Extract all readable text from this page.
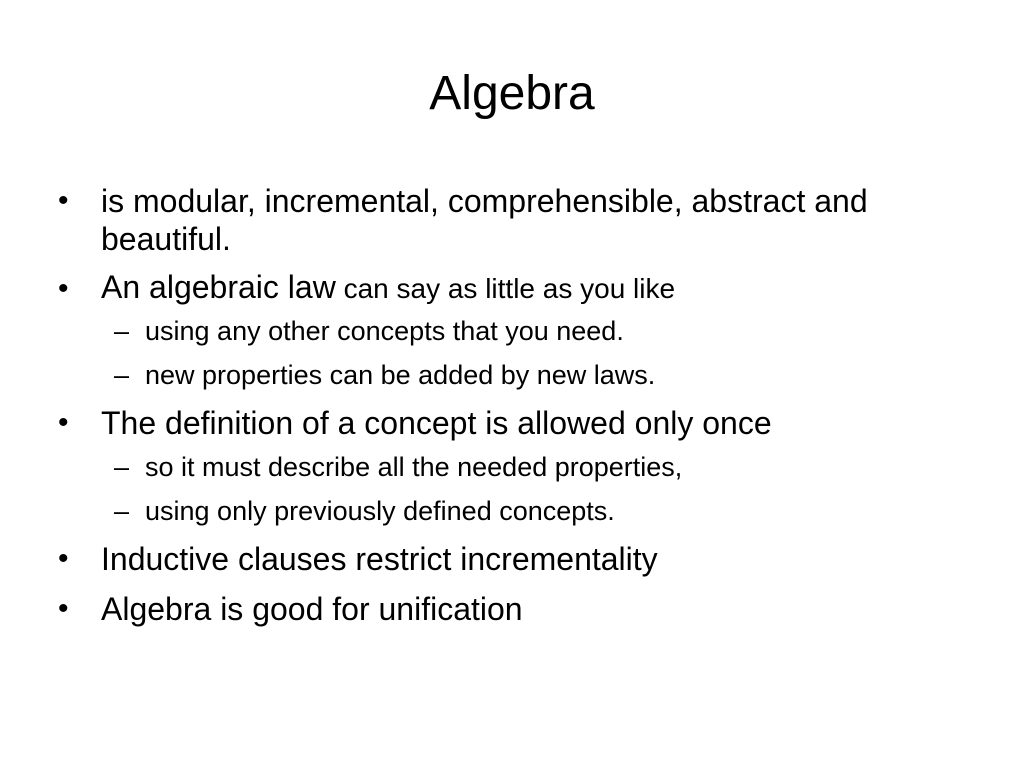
Algebra
• is modular, incremental, comprehensible, abstract and beautiful.
• An algebraic law can say as little as you like
– using any other concepts that you need.
– new properties can be added by new laws.
• The definition of a concept is allowed only once
– so it must describe all the needed properties,
– using only previously defined concepts.
• Inductive clauses restrict incrementality
• Algebra is good for unification
